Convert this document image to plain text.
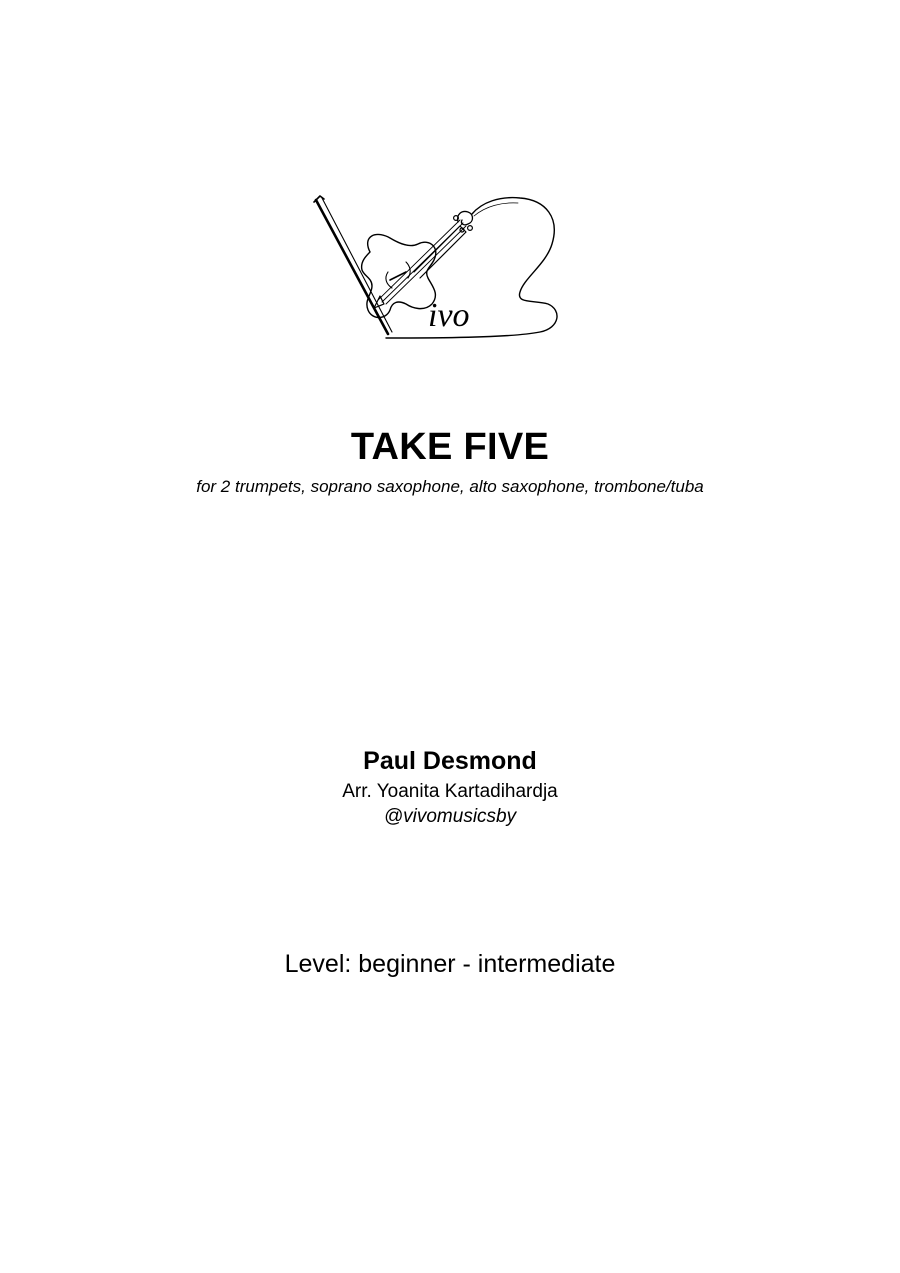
ivo
TAKE FIVE
for 2 trumpets, soprano saxophone, alto saxophone, trombone/tuba
Paul Desmond
Arr. Yoanita Kartadihardja
@vivomusicsby
Level: beginner - intermediate
